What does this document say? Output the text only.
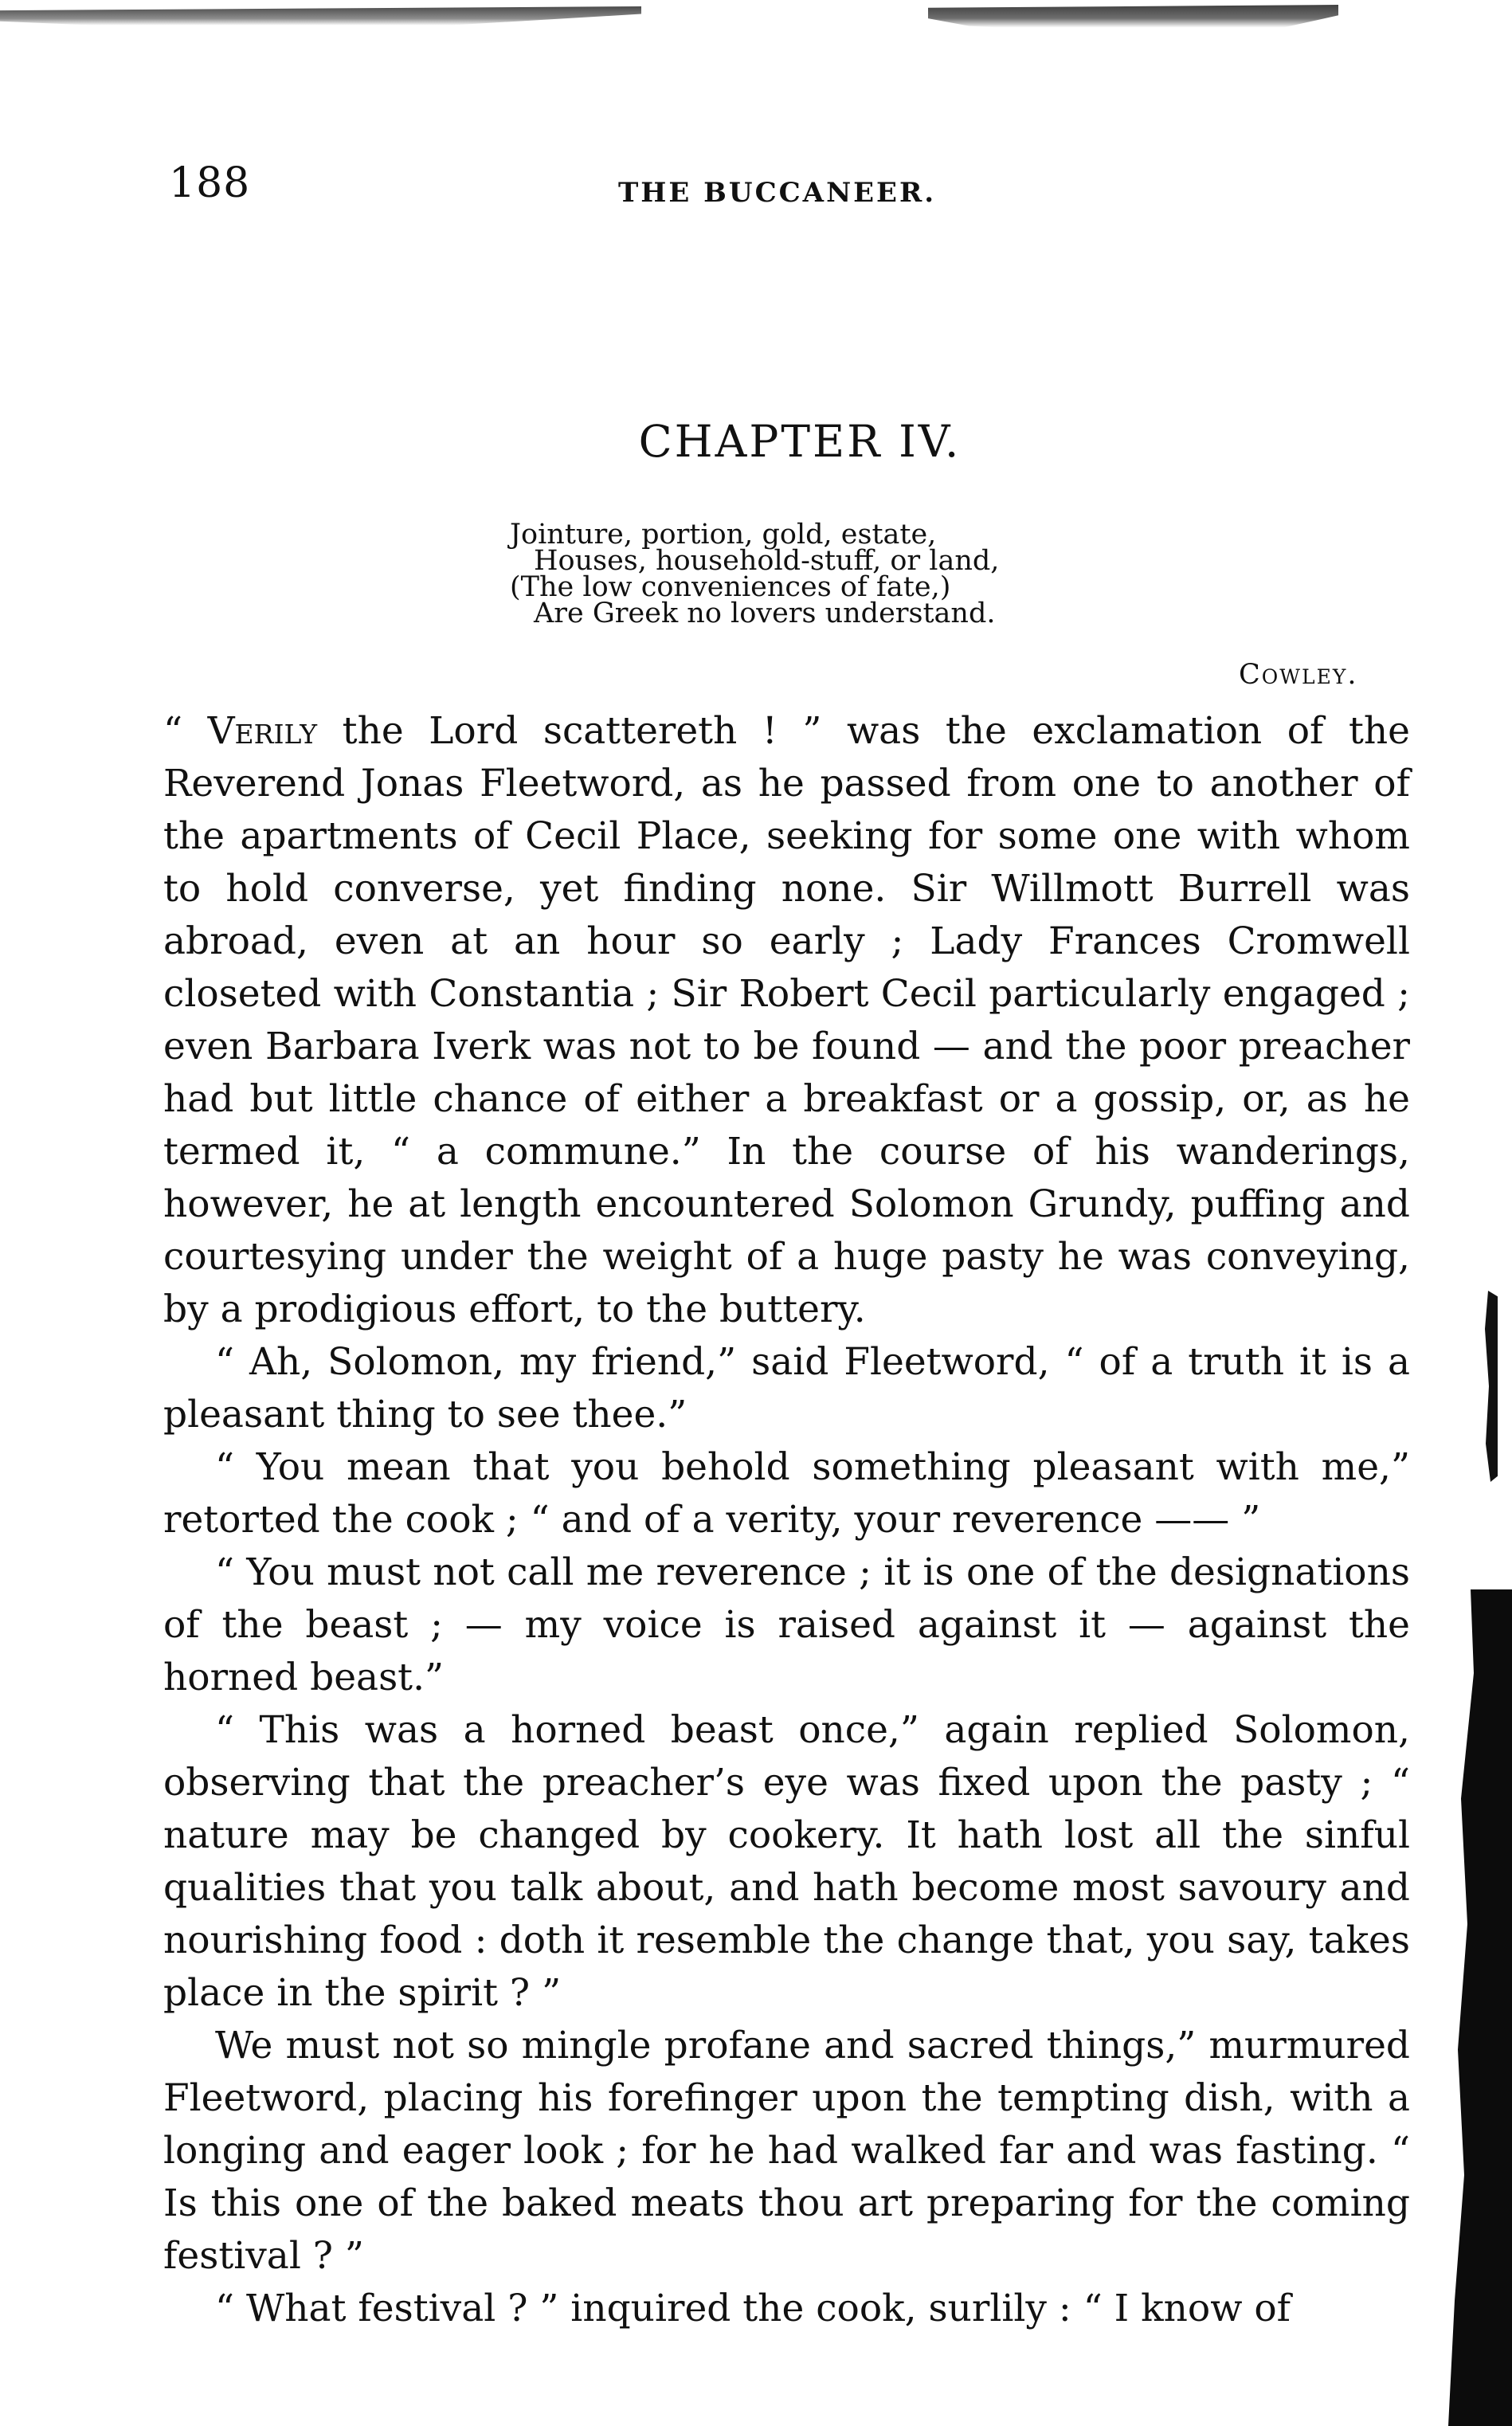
188	THE BUCCANEER.
CHAPTER IV.
Jointure, portion, gold, estate,
Houses, household-stuff, or land,
(The low conveniences of fate,)
Are Greek no lovers understand.
Cowley.

“ Verily the Lord scattereth ! ” was the exclamation of the Reverend Jonas Fleetword, as he passed from one to another of the apartments of Cecil Place, seeking for some one with whom to hold converse, yet finding none. Sir Willmott Burrell was abroad, even at an hour so early ; Lady Frances Cromwell closeted with Constantia ; Sir Robert Cecil particularly engaged ; even Barbara Iverk was not to be found — and the poor preacher had but little chance of either a breakfast or a gossip, or, as he termed it, “ a commune.” In the course of his wanderings, however, he at length encountered Solomon Grundy, puffing and courtesying under the weight of a huge pasty he was conveying, by a prodigious effort, to the buttery.

“ Ah, Solomon, my friend,” said Fleetword, “ of a truth it is a pleasant thing to see thee.”

“ You mean that you behold something pleasant with me,” retorted the cook ; “ and of a verity, your reverence —— ”

“ You must not call me reverence ; it is one of the designations of the beast ; — my voice is raised against it — against the horned beast.”

“ This was a horned beast once,” again replied Solomon, observing that the preacher’s eye was fixed upon the pasty ; “ nature may be changed by cookery. It hath lost all the sinful qualities that you talk about, and hath become most savoury and nourishing food : doth it resemble the change that, you say, takes place in the spirit ? ”

We must not so mingle profane and sacred things,” murmured Fleetword, placing his forefinger upon the tempting dish, with a longing and eager look ; for he had walked far and was fasting. “ Is this one of the baked meats thou art preparing for the coming festival ? ”

“ What festival ? ” inquired the cook, surlily : “ I know of
